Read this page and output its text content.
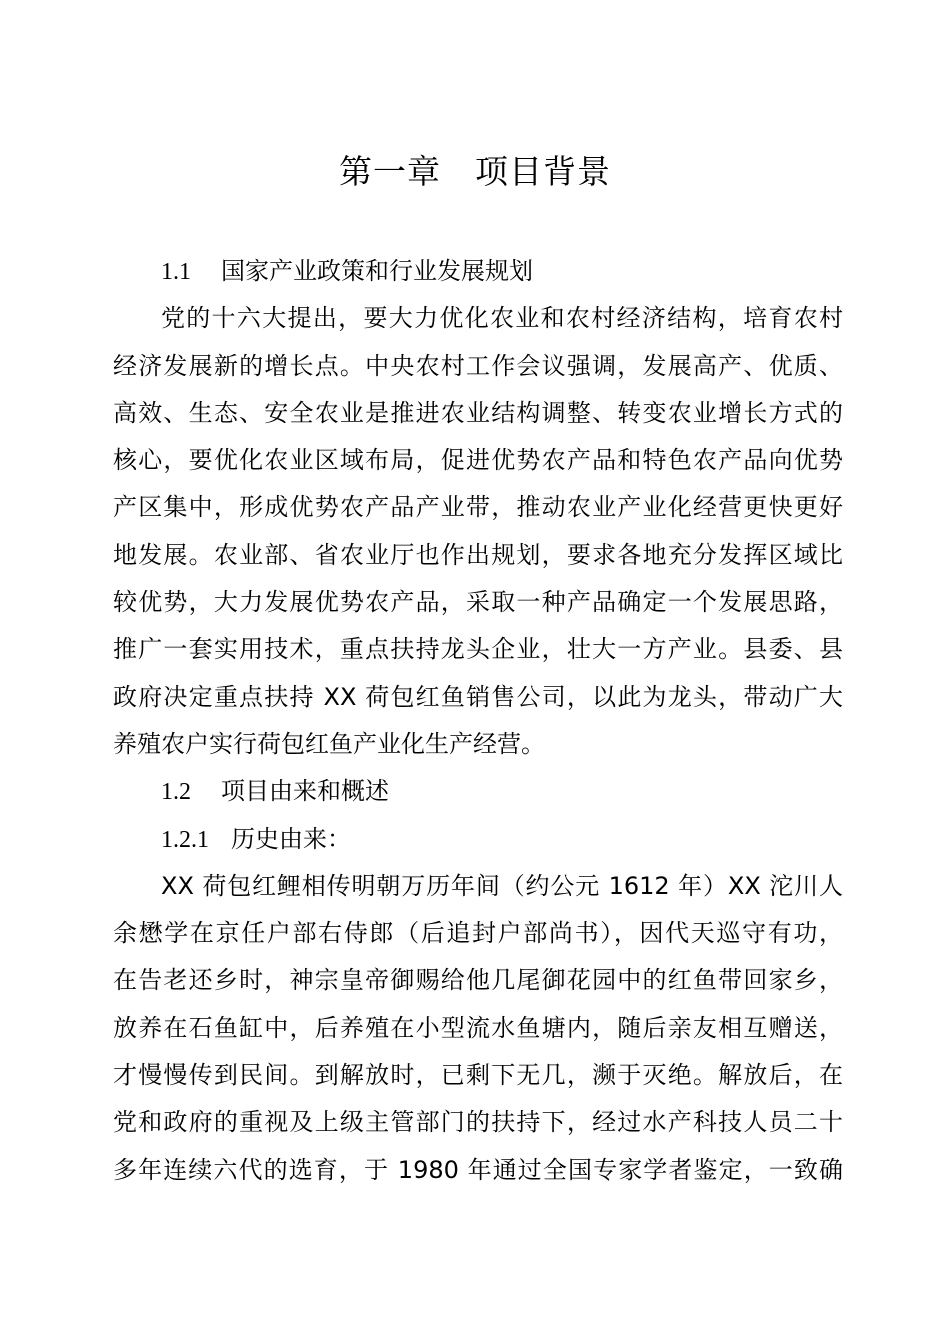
第一章　项目背景
1.1 国家产业政策和行业发展规划
党的十六大提出，要大力优化农业和农村经济结构，培育农村
经济发展新的增长点。中央农村工作会议强调，发展高产、优质、
高效、生态、安全农业是推进农业结构调整、转变农业增长方式的
核心，要优化农业区域布局，促进优势农产品和特色农产品向优势
产区集中，形成优势农产品产业带，推动农业产业化经营更快更好
地发展。农业部、省农业厅也作出规划，要求各地充分发挥区域比
较优势，大力发展优势农产品，采取一种产品确定一个发展思路，
推广一套实用技术，重点扶持龙头企业，壮大一方产业。县委、县
政府决定重点扶持 XX 荷包红鱼销售公司，以此为龙头，带动广大
养殖农户实行荷包红鱼产业化生产经营。
1.2 项目由来和概述
1.2.1 历史由来：
XX 荷包红鲤相传明朝万历年间（约公元 1612 年）XX 沱川人
余懋学在京任户部右侍郎（后追封户部尚书），因代天巡守有功，
在告老还乡时，神宗皇帝御赐给他几尾御花园中的红鱼带回家乡，
放养在石鱼缸中，后养殖在小型流水鱼塘内，随后亲友相互赠送，
才慢慢传到民间。到解放时，已剩下无几，濒于灭绝。解放后，在
党和政府的重视及上级主管部门的扶持下，经过水产科技人员二十
多年连续六代的选育，于 1980 年通过全国专家学者鉴定，一致确
